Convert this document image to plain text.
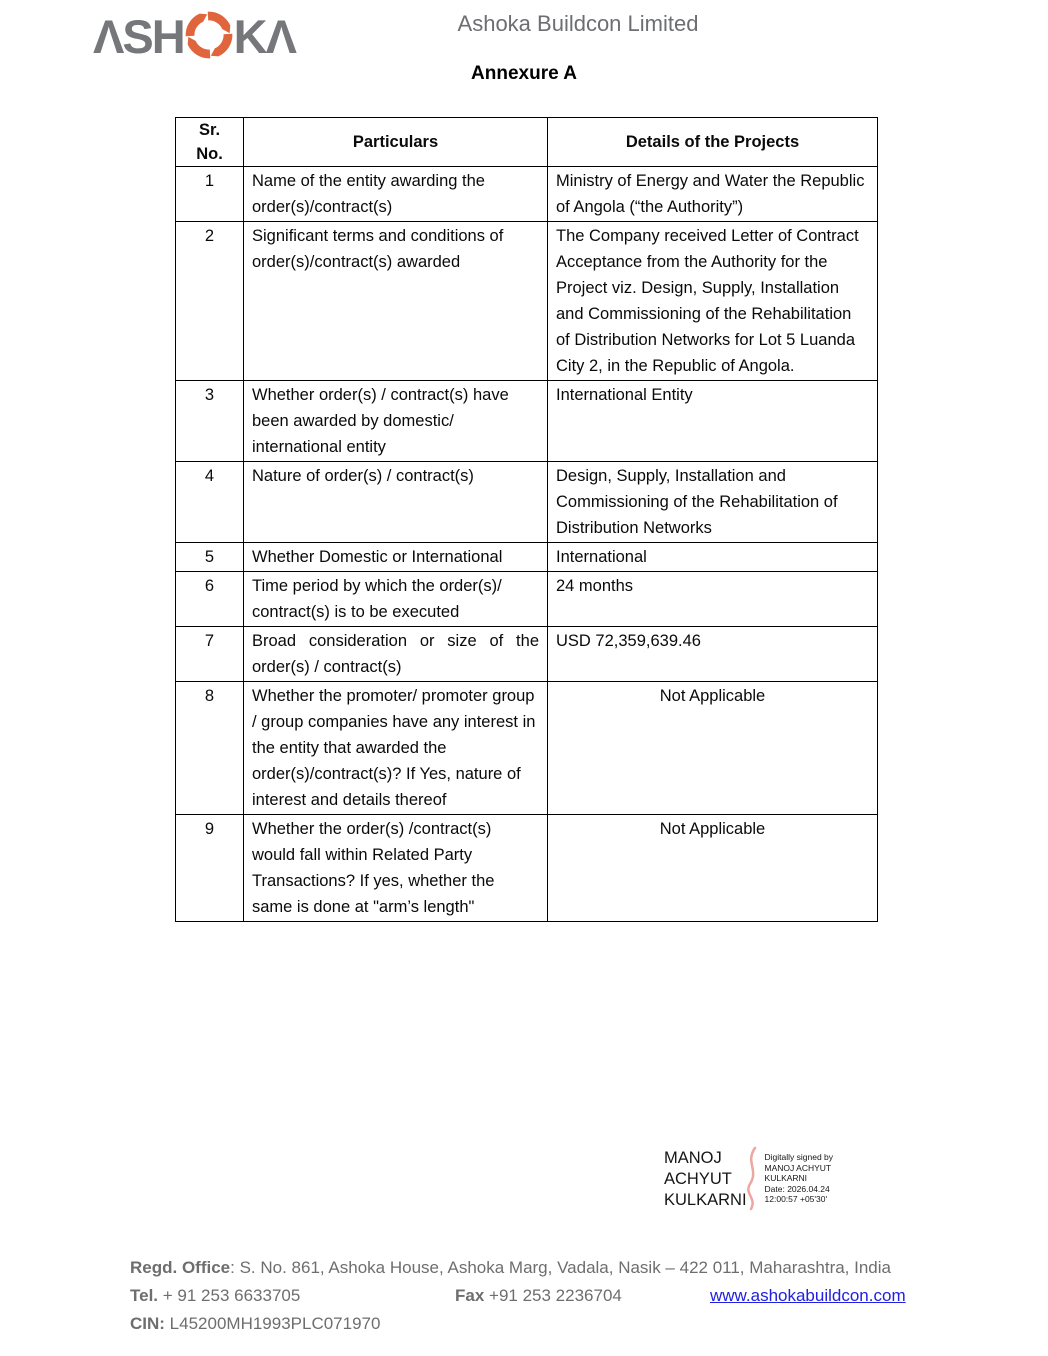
ΛSH KΛ	Ashoka Buildcon Limited
Annexure A
Sr.
No.	Particulars	Details of the Projects
1	Name of the entity awarding the order(s)/contract(s)	Ministry of Energy and Water the Republic of Angola (“the Authority”)
2	Significant terms and conditions of order(s)/contract(s) awarded	The Company received Letter of Contract Acceptance from the Authority for the Project viz. Design, Supply, Installation and Commissioning of the Rehabilitation of Distribution Networks for Lot 5 Luanda City 2, in the Republic of Angola.
3	Whether order(s) / contract(s) have been awarded by domestic/ international entity	International Entity
4	Nature of order(s) / contract(s)	Design, Supply, Installation and Commissioning of the Rehabilitation of Distribution Networks
5	Whether Domestic or International	International
6	Time period by which the order(s)/ contract(s) is to be executed	24 months
7	Broad consideration or size of the order(s) / contract(s)	USD 72,359,639.46
8	Whether the promoter/ promoter group / group companies have any interest in the entity that awarded the order(s)/contract(s)? If Yes, nature of interest and details thereof	Not Applicable
9	Whether the order(s) /contract(s) would fall within Related Party Transactions? If yes, whether the same is done at "arm’s length"	Not Applicable
MANOJ
ACHYUT
KULKARNI
Digitally signed by
MANOJ ACHYUT
KULKARNI
Date: 2026.04.24
12:00:57 +05'30'
Regd. Office: S. No. 861, Ashoka House, Ashoka Marg, Vadala, Nasik – 422 011, Maharashtra, India
Tel. + 91 253 6633705	Fax +91 253 2236704	www.ashokabuildcon.com
CIN: L45200MH1993PLC071970
